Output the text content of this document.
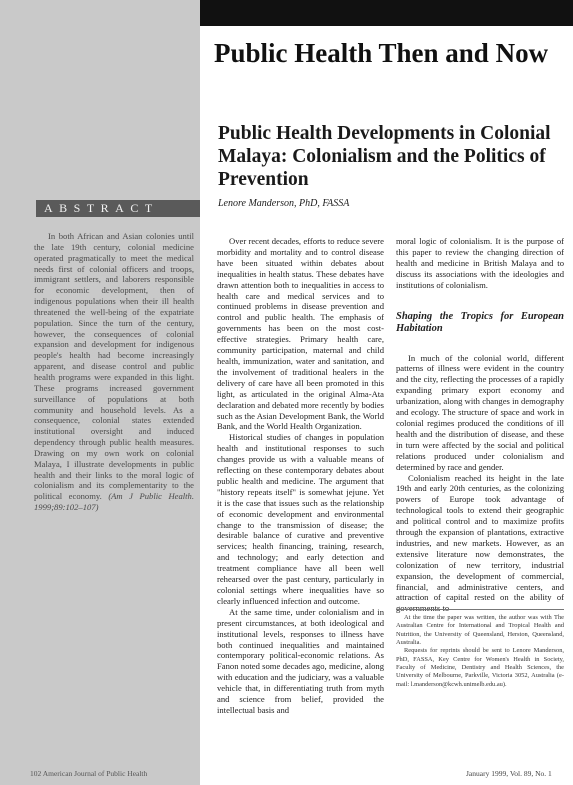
Public Health Then and Now
Public Health Developments in Colonial Malaya: Colonialism and the Politics of Prevention
Lenore Manderson, PhD, FASSA
ABSTRACT
In both African and Asian colonies until the late 19th century, colonial medicine operated pragmatically to meet the medical needs first of colonial officers and troops, immigrant settlers, and laborers responsible for economic development, then of indigenous populations when their ill health threatened the well-being of the expatriate population. Since the turn of the century, however, the consequences of colonial expansion and development for indigenous people's health had become increasingly apparent, and disease control and public health programs were expanded in this light. These programs increased government surveillance of populations at both community and household levels. As a consequence, colonial states extended institutional oversight and induced dependency through public health measures. Drawing on my own work on colonial Malaya, I illustrate developments in public health and their links to the moral logic of colonialism and its complementarity to the political economy. (Am J Public Health. 1999;89:102–107)

Over recent decades, efforts to reduce severe morbidity and mortality and to control disease have been situated within debates about inequalities in health status. These debates have drawn attention both to inequalities in access to health care and medical services and to continued problems in disease prevention and control and public health. The emphasis of governments has been on the most cost-effective strategies. Primary health care, community participation, maternal and child health, immunization, water and sanitation, and the involvement of traditional healers in the delivery of care have all been promoted in this light, as articulated in the original Alma-Ata declaration and debated more recently by bodies such as the Asian Development Bank, the World Bank, and the World Health Organization.

Historical studies of changes in population health and institutional responses to such changes provide us with a valuable means of reflecting on these contemporary debates about public health and medicine. The argument that "history repeats itself" is somewhat jejune. Yet it is the case that issues such as the relationship of economic development and environmental change to the transmission of disease; the desirable balance of curative and preventive services; health financing, training, research, and technology; and early detection and treatment compliance have all been well rehearsed over the past century, particularly in colonial settings where inequalities have so clearly influenced infection and outcome.

At the same time, under colonialism and in present circumstances, at both ideological and institutional levels, responses to illness have both continued inequalities and maintained contemporary political-economic relations. As Fanon noted some decades ago, medicine, along with education and the judiciary, was a valuable vehicle that, in differentiating truth from myth and science from belief, provided the intellectual basis and

moral logic of colonialism. It is the purpose of this paper to review the changing direction of health and medicine in British Malaya and to discuss its associations with the ideologies and institutions of colonialism.

Shaping the Tropics for European Habitation

In much of the colonial world, different patterns of illness were evident in the country and the city, reflecting the processes of a rapidly expanding primary export economy and urbanization, along with changes in demography and ecology. The structure of space and work in colonial regimes produced the conditions of ill health and the distribution of disease, and these in turn were affected by the social and political relations produced under colonialism and determined by race and gender.

Colonialism reached its height in the late 19th and early 20th centuries, as the colonizing powers of Europe took advantage of technological tools to extend their geographic and political control and to maximize profits through the expansion of plantations, extractive industries, and new markets. However, as an extensive literature now demonstrates, the colonization of new territory, industrial expansion, the development of commercial, financial, and administrative centers, and attraction of capital rested on the ability of governments to

At the time the paper was written, the author was with The Australian Centre for International and Tropical Health and Nutrition, the University of Queensland, Herston, Queensland, Australia.

Requests for reprints should be sent to Lenore Manderson, PhD, FASSA, Key Centre for Women's Health in Society, Faculty of Medicine, Dentistry and Health Sciences, the University of Melbourne, Parkville, Victoria 3052, Australia (e-mail: l.manderson@kcwh.unimelb.edu.au).

102 American Journal of Public Health	January 1999, Vol. 89, No. 1
